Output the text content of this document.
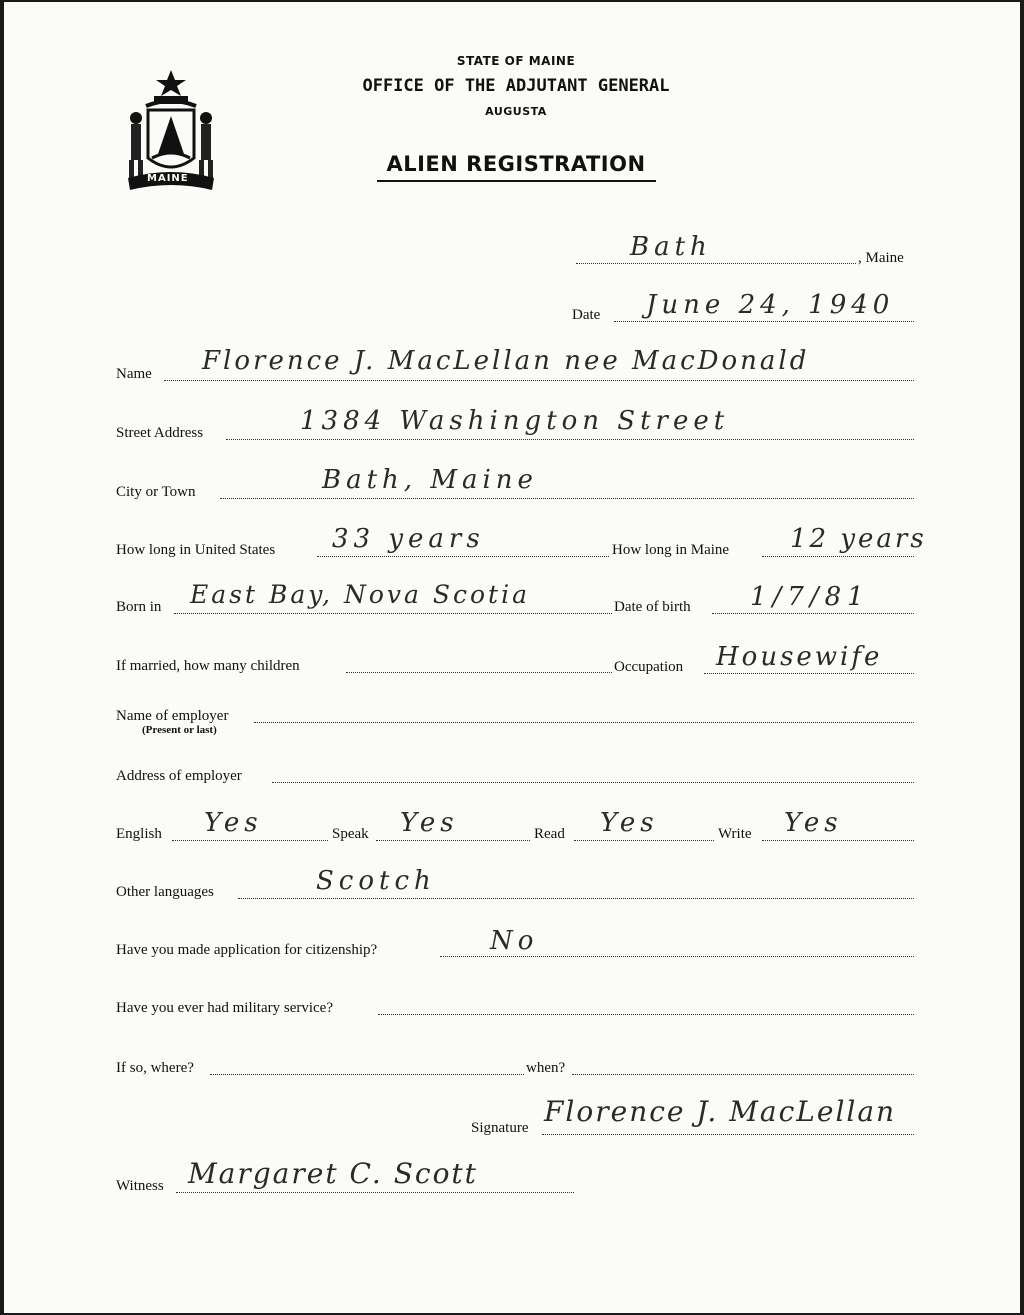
MAINE
STATE OF MAINE
OFFICE OF THE ADJUTANT GENERAL
AUGUSTA
ALIEN REGISTRATION
Bath	, Maine
Date June 24, 1940
Name Florence J. MacLellan nee MacDonald
Street Address	1384 Washington Street
City or Town	Bath, Maine
How long in United States 33 years	How long in Maine 12 years
Born in East Bay, Nova Scotia	Date of birth 1/7/81
If married, how many children	Occupation Housewife
Name of employer
(Present or last)
Address of employer
English Yes	Speak Yes	Read Yes	Write Yes
Other languages	Scotch
Have you made application for citizenship?	No
Have you ever had military service?
If so, where?	when?
Signature Florence J. MacLellan
Witness Margaret C. Scott
